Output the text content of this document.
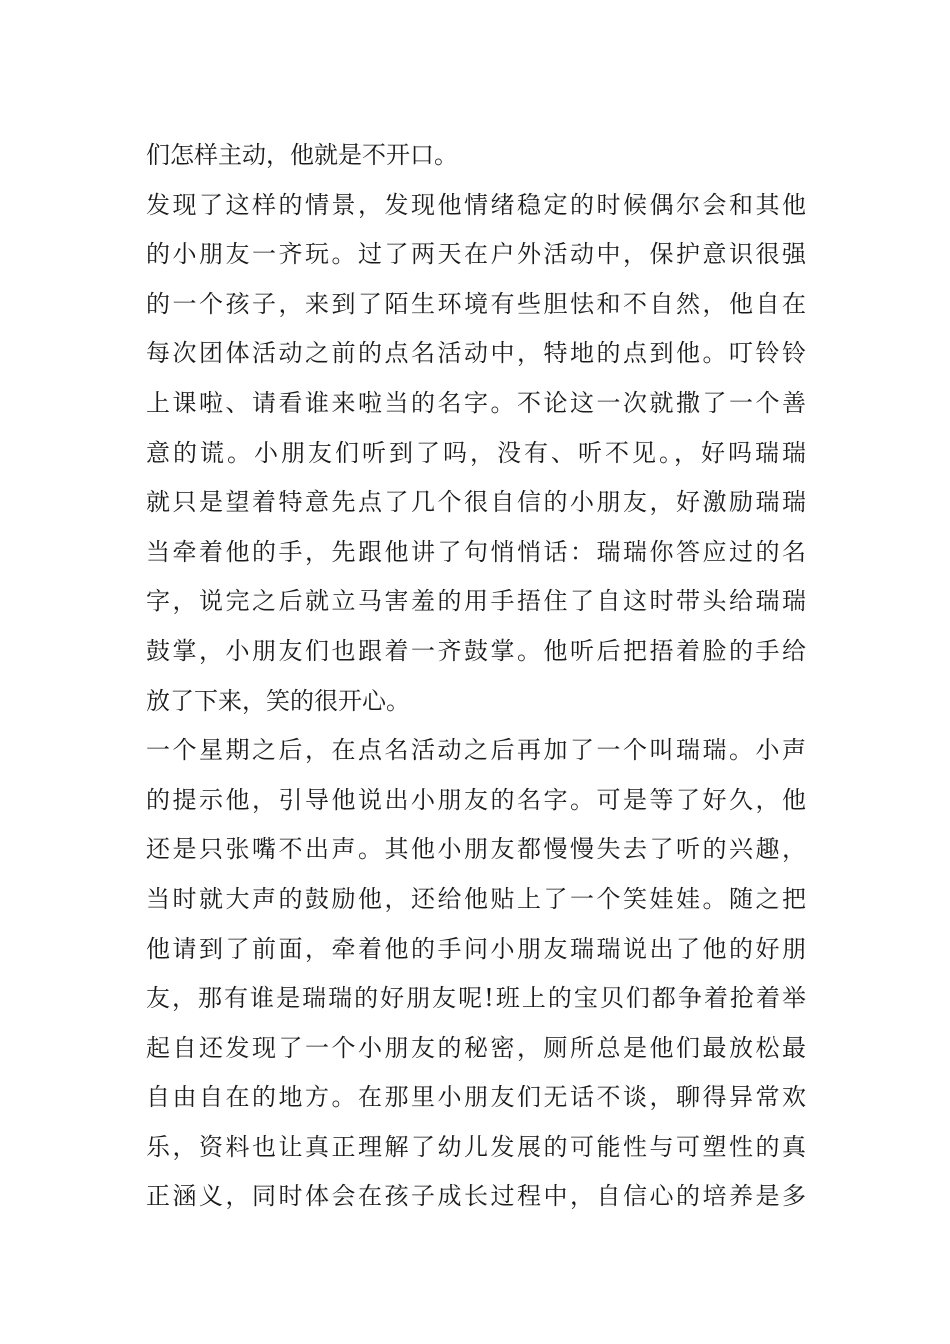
们怎样主动，他就是不开口。
发现了这样的情景，发现他情绪稳定的时候偶尔会和其他
的小朋友一齐玩。过了两天在户外活动中，保护意识很强
的一个孩子，来到了陌生环境有些胆怯和不自然，他自在
每次团体活动之前的点名活动中，特地的点到他。叮铃铃
上课啦、请看谁来啦当的名字。不论这一次就撒了一个善
意的谎。小朋友们听到了吗，没有、听不见。，好吗瑞瑞
就只是望着特意先点了几个很自信的小朋友，好激励瑞瑞
当牵着他的手，先跟他讲了句悄悄话：瑞瑞你答应过的名
字，说完之后就立马害羞的用手捂住了自这时带头给瑞瑞
鼓掌，小朋友们也跟着一齐鼓掌。他听后把捂着脸的手给
放了下来，笑的很开心。
一个星期之后，在点名活动之后再加了一个叫瑞瑞。小声
的提示他，引导他说出小朋友的名字。可是等了好久，他
还是只张嘴不出声。其他小朋友都慢慢失去了听的兴趣，
当时就大声的鼓励他，还给他贴上了一个笑娃娃。随之把
他请到了前面，牵着他的手问小朋友瑞瑞说出了他的好朋
友，那有谁是瑞瑞的好朋友呢!班上的宝贝们都争着抢着举
起自还发现了一个小朋友的秘密，厕所总是他们最放松最
自由自在的地方。在那里小朋友们无话不谈，聊得异常欢
乐，资料也让真正理解了幼儿发展的可能性与可塑性的真
正涵义，同时体会在孩子成长过程中，自信心的培养是多
